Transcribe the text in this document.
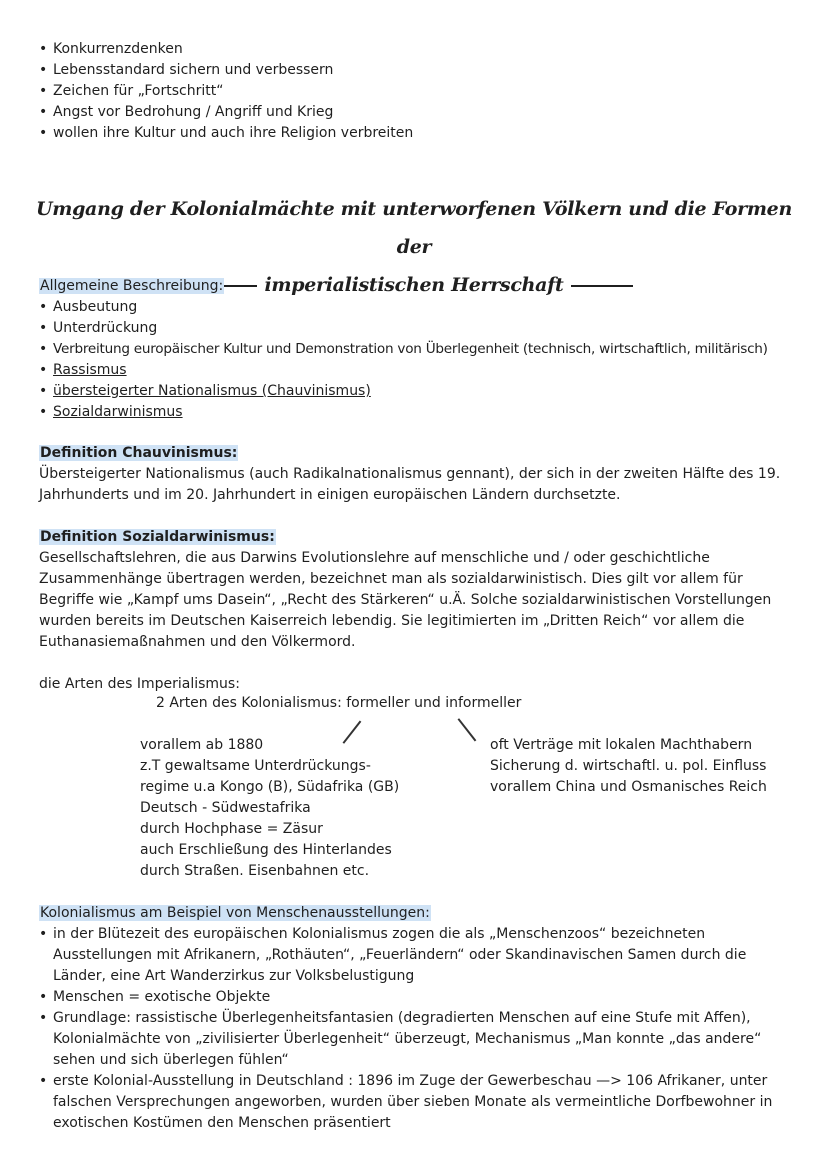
• Konkurrenzdenken
• Lebensstandard sichern und verbessern
• Zeichen für „Fortschritt“
• Angst vor Bedrohung / Angriff und Krieg
• wollen ihre Kultur und auch ihre Religion verbreiten
Umgang der Kolonialmächte mit unterworfenen Völkern und die Formen der
imperialistischen Herrschaft
Allgemeine Beschreibung:
• Ausbeutung
• Unterdrückung
• Verbreitung europäischer Kultur und Demonstration von Überlegenheit (technisch, wirtschaftlich, militärisch)
• Rassismus
• übersteigerter Nationalismus (Chauvinismus)
• Sozialdarwinismus
Definition Chauvinismus:

Übersteigerter Nationalismus (auch Radikalnationalismus gennant), der sich in der zweiten Hälfte des 19. Jahrhunderts und im 20. Jahrhundert in einigen europäischen Ländern durchsetzte.

Definition Sozialdarwinismus:

Gesellschaftslehren, die aus Darwins Evolutionslehre auf menschliche und / oder geschichtliche Zusammenhänge übertragen werden, bezeichnet man als sozialdarwinistisch. Dies gilt vor allem für Begriffe wie „Kampf ums Dasein“, „Recht des Stärkeren“ u.Ä. Solche sozialdarwinistischen Vorstellungen wurden bereits im Deutschen Kaiserreich lebendig. Sie legitimierten im „Dritten Reich“ vor allem die Euthanasiemaßnahmen und den Völkermord.

die Arten des Imperialismus:
2 Arten des Kolonialismus: formeller und informeller
vorallem ab 1880
z.T gewaltsame Unterdrückungs-
regime u.a Kongo (B), Südafrika (GB)
Deutsch - Südwestafrika
durch Hochphase = Zäsur
auch Erschließung des Hinterlandes
durch Straßen. Eisenbahnen etc.
oft Verträge mit lokalen Machthabern
Sicherung d. wirtschaftl. u. pol. Einfluss
vorallem China und Osmanisches Reich
Kolonialismus am Beispiel von Menschenausstellungen:
• in der Blütezeit des europäischen Kolonialismus zogen die als „Menschenzoos“ bezeichneten Ausstellungen mit Afrikanern, „Rothäuten“, „Feuerländern“ oder Skandinavischen Samen durch die Länder, eine Art Wanderzirkus zur Volksbelustigung
• Menschen = exotische Objekte
• Grundlage: rassistische Überlegenheitsfantasien (degradierten Menschen auf eine Stufe mit Affen), Kolonialmächte von „zivilisierter Überlegenheit“ überzeugt, Mechanismus „Man konnte „das andere“ sehen und sich überlegen fühlen“
• erste Kolonial-Ausstellung in Deutschland : 1896 im Zuge der Gewerbeschau —> 106 Afrikaner, unter falschen Versprechungen angeworben, wurden über sieben Monate als vermeintliche Dorfbewohner in exotischen Kostümen den Menschen präsentiert
